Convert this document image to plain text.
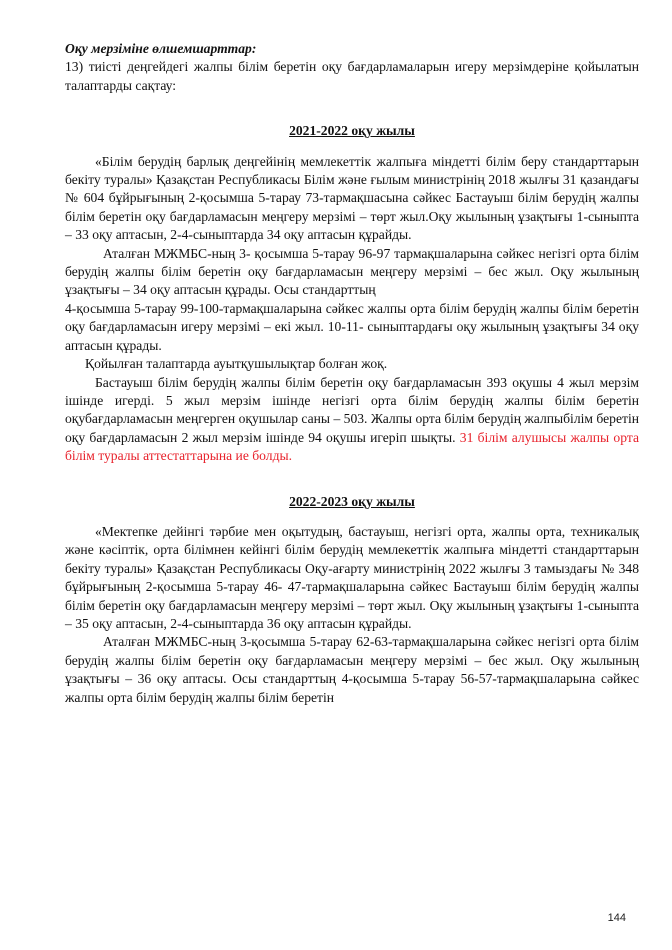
Оқу мерзіміне өлшемшарттар:

13) тиісті деңгейдегі жалпы білім беретін оқу бағдарламаларын игеру мерзімдеріне қойылатын талаптарды сақтау:

2021-2022 оқу жылы

«Білім берудің барлық деңгейінің мемлекеттік жалпыға міндетті білім беру стандарттарын бекіту туралы» Қазақстан Республикасы Білім және ғылым министрінің 2018 жылғы 31 қазандағы № 604 бұйрығының 2-қосымша 5-тарау 73-тармақшасына сәйкес Бастауыш білім берудің жалпы білім беретін оқу бағдарламасын меңгеру мерзімі – төрт жыл.Оқу жылының ұзақтығы 1-сыныпта – 33 оқу аптасын, 2-4-сыныптарда 34 оқу аптасын құрайды.

Аталған МЖМБС-ның 3- қосымша 5-тарау 96-97 тармақшаларына сәйкес негізгі орта білім берудің жалпы білім беретін оқу бағдарламасын меңгеру мерзімі – бес жыл. Оқу жылының ұзақтығы – 34 оқу аптасын құрады. Осы стандарттың

4-қосымша 5-тарау 99-100-тармақшаларына сәйкес жалпы орта білім берудің жалпы білім беретін оқу бағдарламасын игеру мерзімі – екі жыл. 10-11- сыныптардағы оқу жылының ұзақтығы 34 оқу аптасын құрады.

Қойылған талаптарда ауытқушылықтар болған жоқ.

Бастауыш білім берудің жалпы білім беретін оқу бағдарламасын 393 оқушы 4 жыл мерзім ішінде игерді. 5 жыл мерзім ішінде негізгі орта білім берудің жалпы білім беретін оқубағдарламасын меңгерген оқушылар саны – 503. Жалпы орта білім берудің жалпыбілім беретін оқу бағдарламасын 2 жыл мерзім ішінде 94 оқушы игеріп шықты. 31 білім алушысы жалпы орта білім туралы аттестаттарына ие болды.

2022-2023 оқу жылы

«Мектепке дейінгі тәрбие мен оқытудың, бастауыш, негізгі орта, жалпы орта, техникалық және кәсіптік, орта білімнен кейінгі білім берудің мемлекеттік жалпыға міндетті стандарттарын бекіту туралы» Қазақстан Республикасы Оқу-ағарту министрінің 2022 жылғы 3 тамыздағы № 348 бұйрығының 2-қосымша 5-тарау 46- 47-тармақшаларына сәйкес Бастауыш білім берудің жалпы білім беретін оқу бағдарламасын меңгеру мерзімі – төрт жыл. Оқу жылының ұзақтығы 1-сыныпта – 35 оқу аптасын, 2-4-сыныптарда 36 оқу аптасын құрайды.

Аталған МЖМБС-ның 3-қосымша 5-тарау 62-63-тармақшаларына сәйкес негізгі орта білім берудің жалпы білім беретін оқу бағдарламасын меңгеру мерзімі – бес жыл. Оқу жылының ұзақтығы – 36 оқу аптасы. Осы стандарттың 4-қосымша 5-тарау 56-57-тармақшаларына сәйкес жалпы орта білім берудің жалпы білім беретін

144
